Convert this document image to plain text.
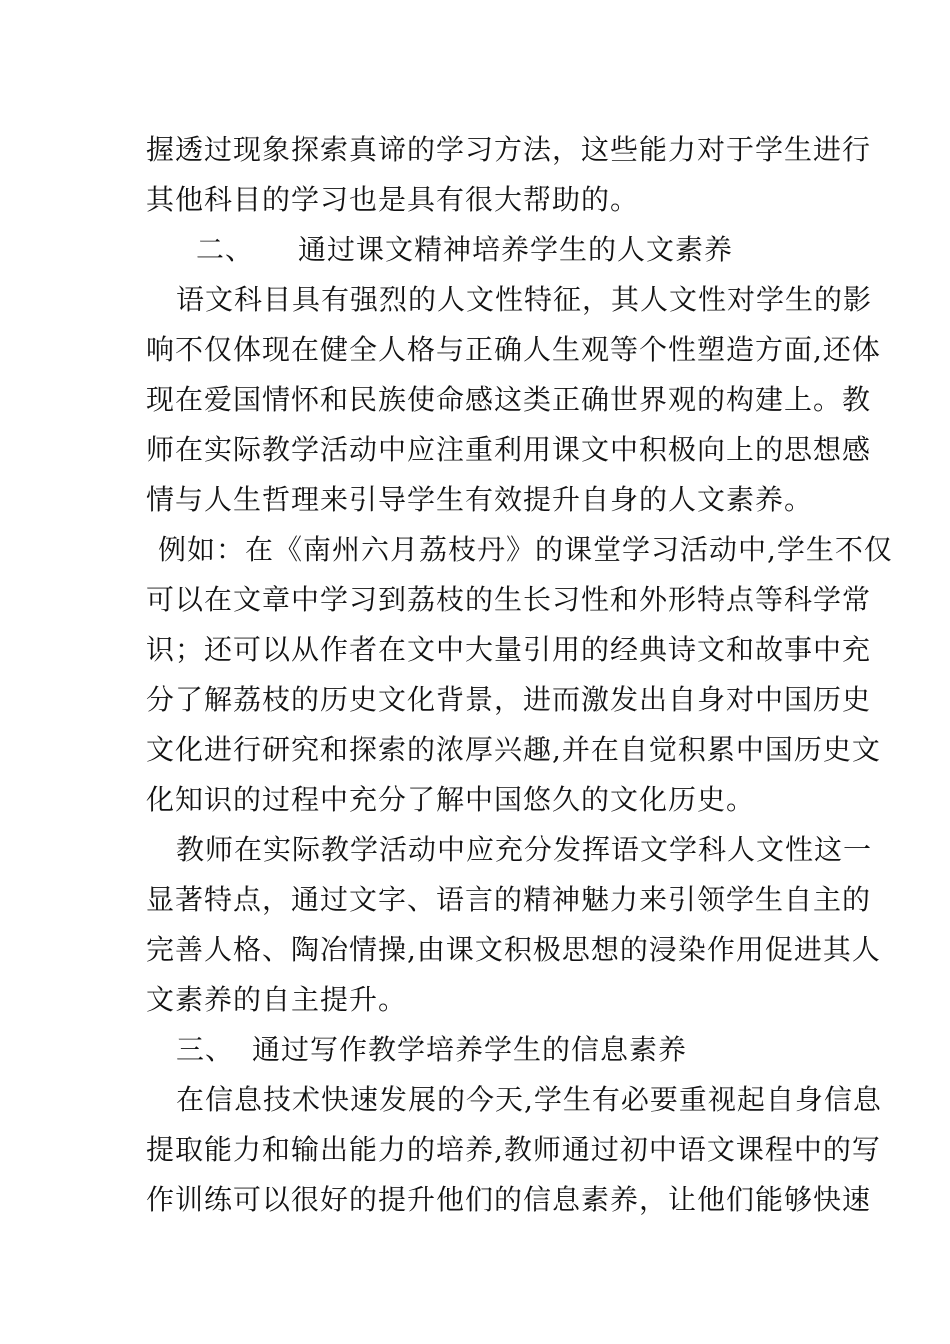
握透过现象探索真谛的学习方法，这些能力对于学生进行

其他科目的学习也是具有很大帮助的。

二、 通过课文精神培养学生的人文素养

语文科目具有强烈的人文性特征，其人文性对学生的影

响不仅体现在健全人格与正确人生观等个性塑造方面,还体

现在爱国情怀和民族使命感这类正确世界观的构建上。教

师在实际教学活动中应注重利用课文中积极向上的思想感

情与人生哲理来引导学生有效提升自身的人文素养。

例如：在《南州六月荔枝丹》的课堂学习活动中,学生不仅

可以在文章中学习到荔枝的生长习性和外形特点等科学常

识；还可以从作者在文中大量引用的经典诗文和故事中充

分了解荔枝的历史文化背景，进而激发出自身对中国历史

文化进行研究和探索的浓厚兴趣,并在自觉积累中国历史文

化知识的过程中充分了解中国悠久的文化历史。

教师在实际教学活动中应充分发挥语文学科人文性这一

显著特点，通过文字、语言的精神魅力来引领学生自主的

完善人格、陶冶情操,由课文积极思想的浸染作用促进其人

文素养的自主提升。

三、 通过写作教学培养学生的信息素养

在信息技术快速发展的今天,学生有必要重视起自身信息

提取能力和输出能力的培养,教师通过初中语文课程中的写

作训练可以很好的提升他们的信息素养，让他们能够快速
